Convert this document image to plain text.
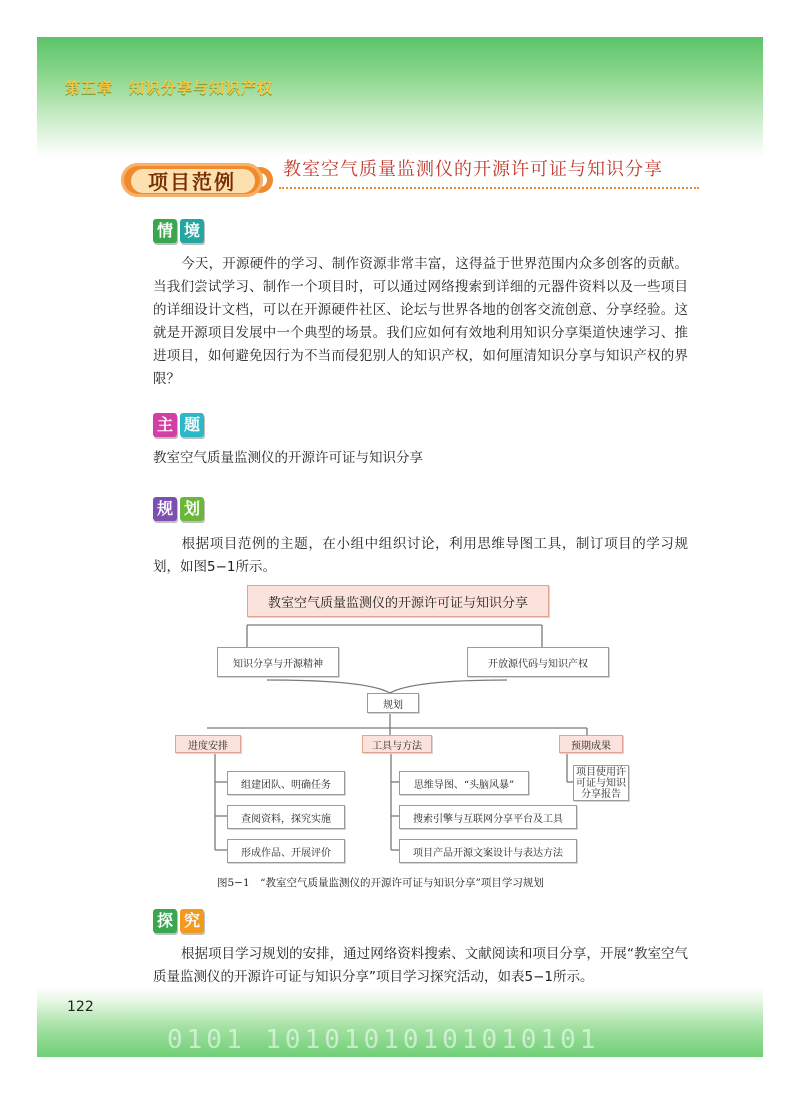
第五章　知识分享与知识产权
项目范例
教室空气质量监测仪的开源许可证与知识分享
情 境
今天，开源硬件的学习、制作资源非常丰富，这得益于世界范围内众多创客的贡献。当我们尝试学习、制作一个项目时，可以通过网络搜索到详细的元器件资料以及一些项目的详细设计文档，可以在开源硬件社区、论坛与世界各地的创客交流创意、分享经验。这就是开源项目发展中一个典型的场景。我们应如何有效地利用知识分享渠道快速学习、推进项目，如何避免因行为不当而侵犯别人的知识产权，如何厘清知识分享与知识产权的界限？
主 题
教室空气质量监测仪的开源许可证与知识分享
规 划
根据项目范例的主题，在小组中组织讨论，利用思维导图工具，制订项目的学习规划，如图5−1所示。
教室空气质量监测仪的开源许可证与知识分享
知识分享与开源精神	开放源代码与知识产权
规划
进度安排	工具与方法	预期成果
组建团队、明确任务
查阅资料，探究实施
形成作品、开展评价
思维导图、“头脑风暴”
搜索引擎与互联网分享平台及工具
项目产品开源文案设计与表达方法
项目使用许可证与知识分享报告
图5−1　“教室空气质量监测仪的开源许可证与知识分享”项目学习规划
探 究
根据项目学习规划的安排，通过网络资料搜索、文献阅读和项目分享，开展“教室空气质量监测仪的开源许可证与知识分享”项目学习探究活动，如表5−1所示。
0101 10101010101010101
122
